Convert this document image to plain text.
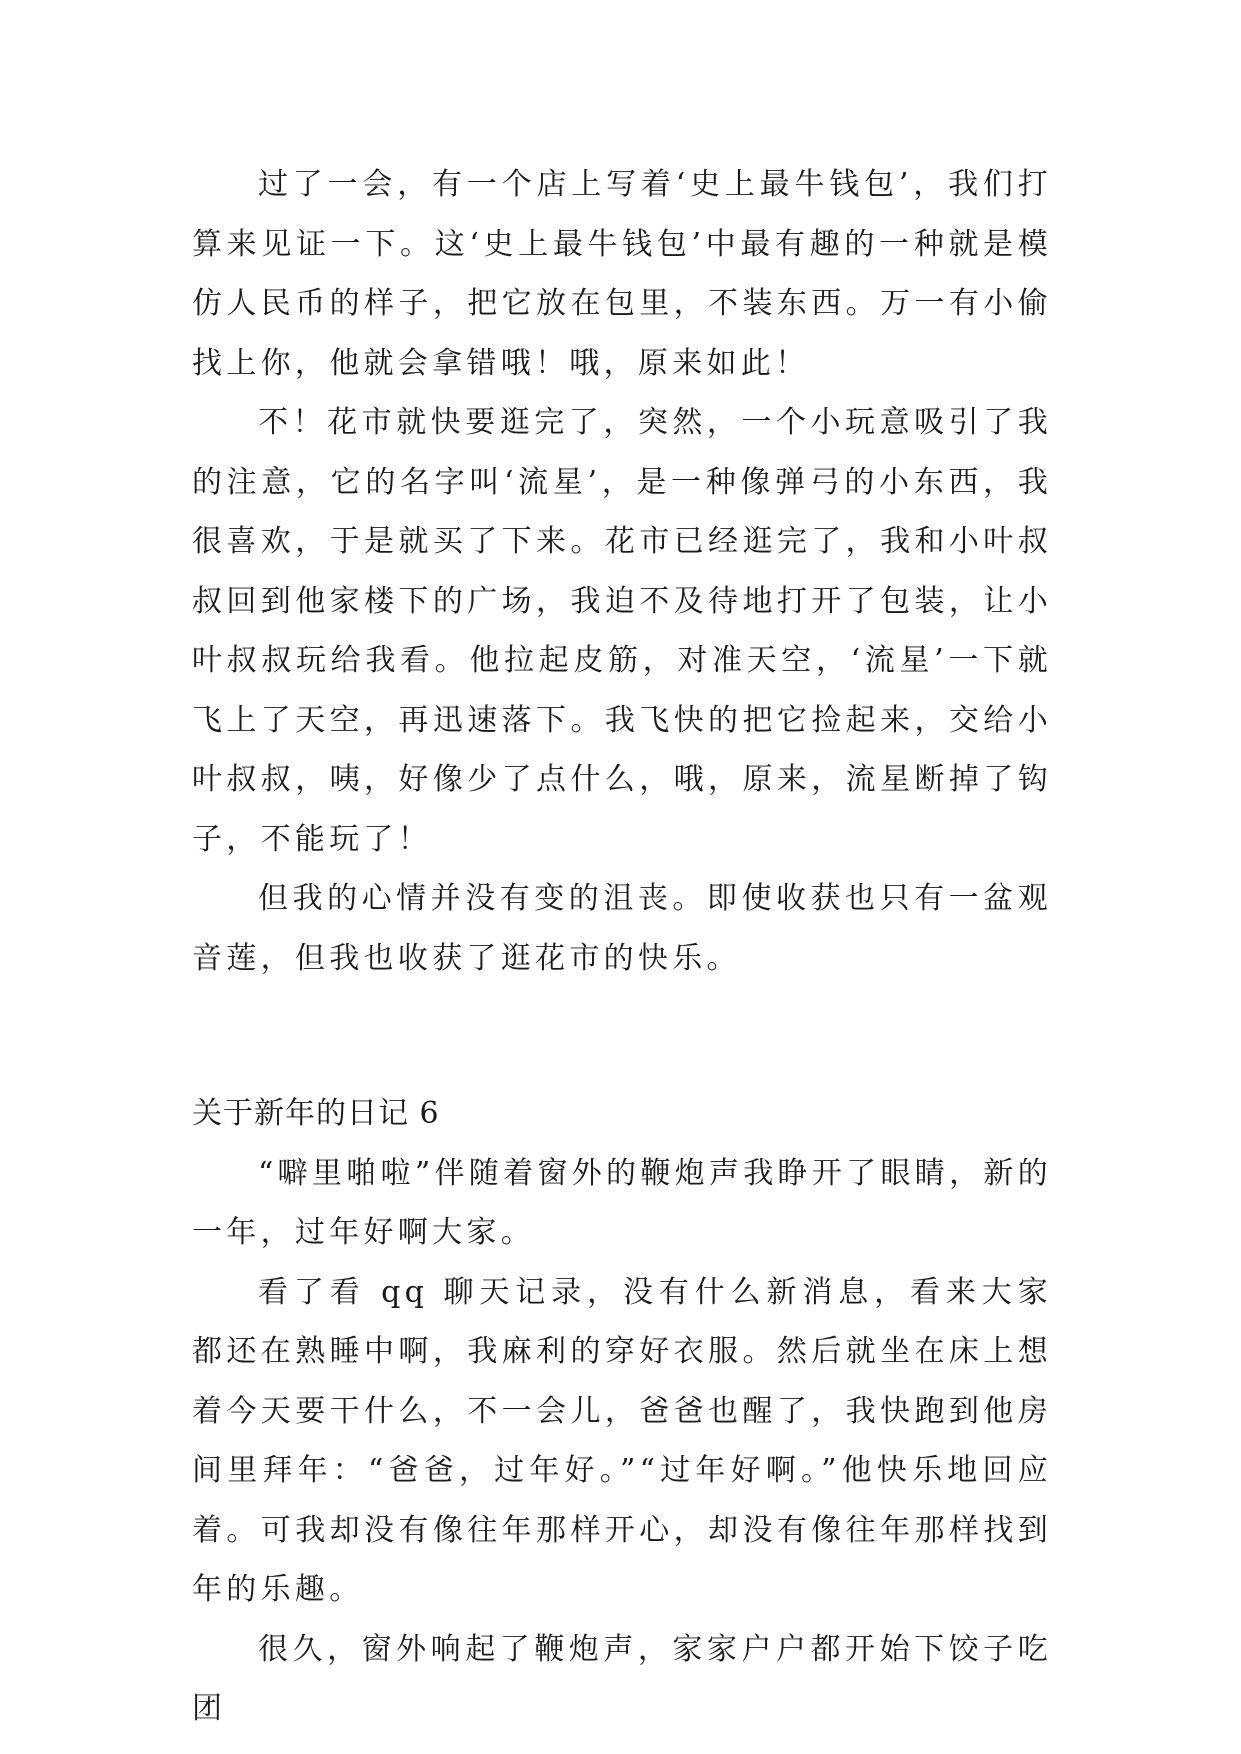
过了一会，有一个店上写着‘史上最牛钱包’，我们打算来见证一下。这‘史上最牛钱包’中最有趣的一种就是模仿人民币的样子，把它放在包里，不装东西。万一有小偷找上你，他就会拿错哦！哦，原来如此！

不！花市就快要逛完了，突然，一个小玩意吸引了我的注意，它的名字叫‘流星’，是一种像弹弓的小东西，我很喜欢，于是就买了下来。花市已经逛完了，我和小叶叔叔回到他家楼下的广场，我迫不及待地打开了包装，让小叶叔叔玩给我看。他拉起皮筋，对准天空，‘流星’一下就飞上了天空，再迅速落下。我飞快的把它捡起来，交给小叶叔叔，咦，好像少了点什么，哦，原来，流星断掉了钩子，不能玩了！

但我的心情并没有变的沮丧。即使收获也只有一盆观音莲，但我也收获了逛花市的快乐。

关于新年的日记 6

“噼里啪啦”伴随着窗外的鞭炮声我睁开了眼睛，新的一年，过年好啊大家。

看了看 qq 聊天记录，没有什么新消息，看来大家都还在熟睡中啊，我麻利的穿好衣服。然后就坐在床上想着今天要干什么，不一会儿，爸爸也醒了，我快跑到他房间里拜年：“爸爸，过年好。”“过年好啊。”他快乐地回应着。可我却没有像往年那样开心，却没有像往年那样找到年的乐趣。

很久，窗外响起了鞭炮声，家家户户都开始下饺子吃团
